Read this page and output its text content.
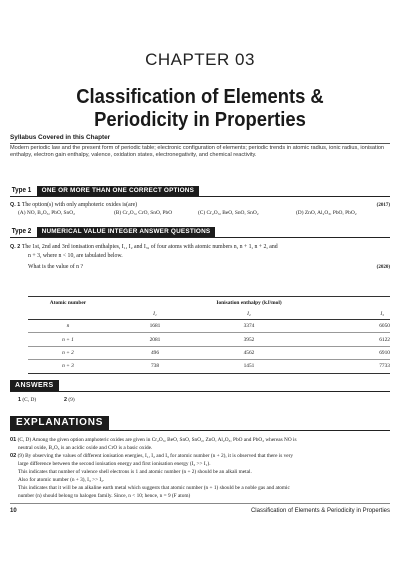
CHAPTER 03
Classification of Elements &
Periodicity in Properties
Syllabus Covered in this Chapter
Modern periodic law and the present form of periodic table; electronic configuration of elements; periodic trends in atomic radius, ionic radius, ionisation enthalpy, electron gain enthalpy, valence, oxidation states, electronegativity, and chemical reactivity.
Type 1	ONE OR MORE THAN ONE CORRECT OPTIONS
Q. 1 The option(s) with only amphoteric oxides is(are)	(2017)
(A) NO, B₂O₃, PbO, SnO₂	(B) Cr₂O₃, CrO, SnO, PbO	(C) Cr₂O₃, BeO, SnO, SnO₂	(D) ZnO, Al₂O₃, PbO, PbO₂
Type 2	NUMERICAL VALUE INTEGER ANSWER QUESTIONS
Q. 2 The 1st, 2nd and 3rd ionisation enthalpies, I₁, I₂ and I₃, of four atoms with atomic numbers n, n + 1, n + 2, and
n + 3, where n < 10, are tabulated below.
What is the value of n ?	(2020)
Atomic number	Ionisation enthalpy (kJ/mol)		
	I₁	I₂	I₃
n	1681	3374	6050
n + 1	2081	3952	6122
n + 2	496	4562	6910
n + 3	738	1451	7733
ANSWERS
1 (C, D)	2 (9)
EXPLANATIONS
01 (C, D) Among the given option amphoteric oxides are given in Cr₂O₃, BeO, SnO, SnO₂, ZnO, Al₂O₃, PbO and PbO₂ whereas NO is
neutral oxide, B₂O₃ is an acidic oxide and CrO is a basic oxide.
02 (9) By observing the values of different ionisation energies, I₁, I₂ and I₃ for atomic number (n + 2), it is observed that there is very
large difference between the second ionisation energy and first ionisation energy (I₂ >> I₁).
This indicates that number of valence shell electrons is 1 and atomic number (n + 2) should be an alkali metal.
Also for atomic number (n + 3), I₃ >> I₂.
This indicates that it will be an alkaline earth metal which suggests that atomic number (n + 1) should be a noble gas and atomic
number (n) should belong to halogen family. Since, n < 10; hence, n = 9 (F atom)
10	Classification of Elements & Periodicity in Properties
